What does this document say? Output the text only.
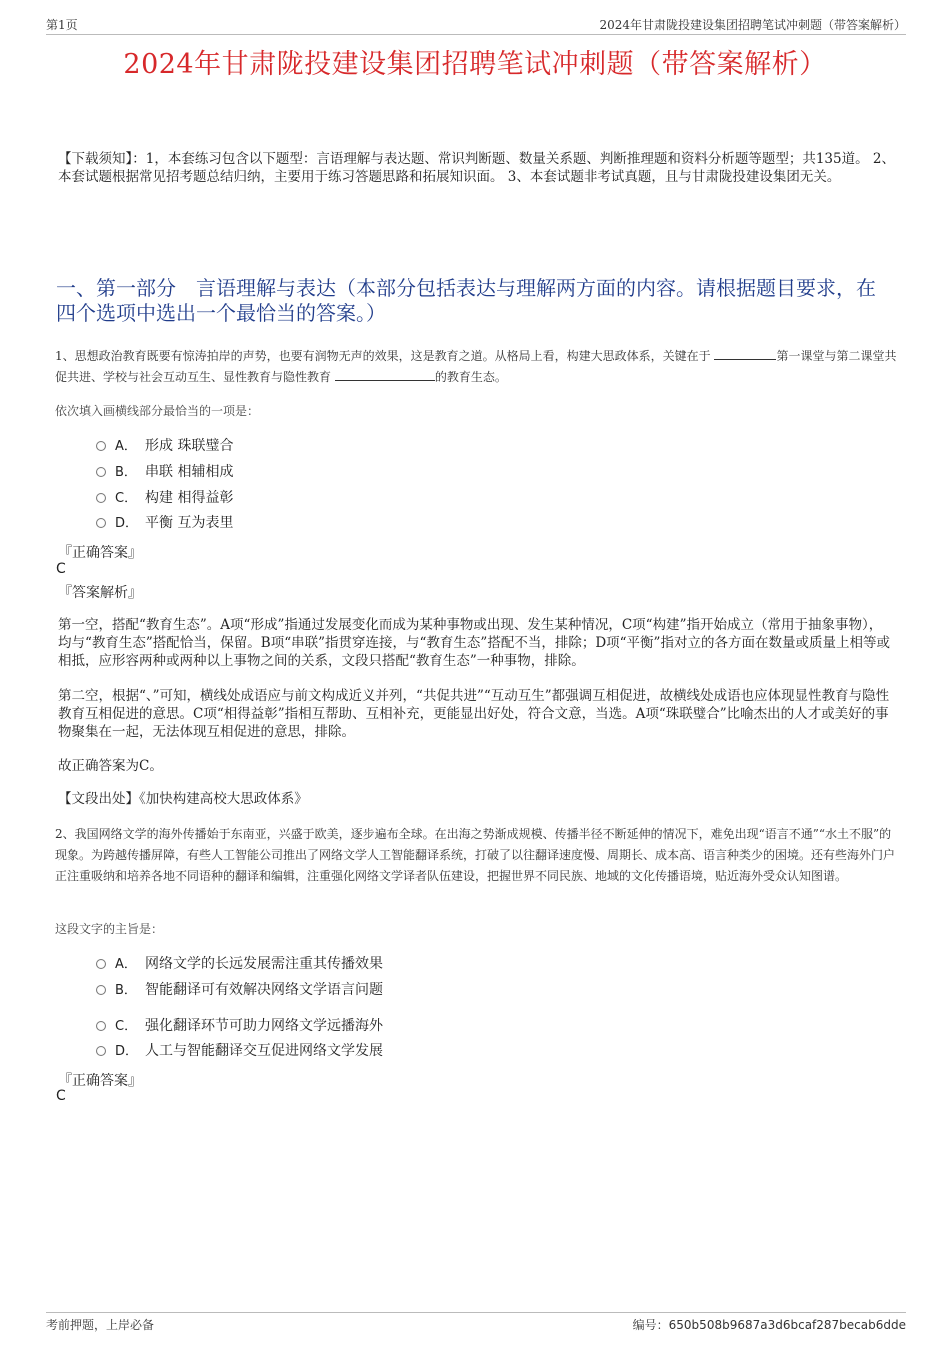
第1页	2024年甘肃陇投建设集团招聘笔试冲刺题（带答案解析）
2024年甘肃陇投建设集团招聘笔试冲刺题（带答案解析）
【下载须知】：1，本套练习包含以下题型：言语理解与表达题、常识判断题、数量关系题、判断推理题和资料分析题等题型；共135道。 2、本套试题根据常见招考题总结归纳，主要用于练习答题思路和拓展知识面。 3、本套试题非考试真题，且与甘肃陇投建设集团无关。
一、第一部分 言语理解与表达（本部分包括表达与理解两方面的内容。请根据题目要求，在四个选项中选出一个最恰当的答案。）
1、思想政治教育既要有惊涛拍岸的声势，也要有润物无声的效果，这是教育之道。从格局上看，构建大思政体系，关键在于	第一课堂与第二课堂共促共进、学校与社会互动互生、显性教育与隐性教育	的教育生态。
依次填入画横线部分最恰当的一项是：
A． 形成 珠联璧合
B． 串联 相辅相成
C． 构建 相得益彰
D． 平衡 互为表里
『正确答案』
C
『答案解析』
第一空，搭配“教育生态”。A项“形成”指通过发展变化而成为某种事物或出现、发生某种情况，C项“构建”指开始成立（常用于抽象事物），均与“教育生态”搭配恰当，保留。B项“串联”指贯穿连接，与“教育生态”搭配不当，排除；D项“平衡”指对立的各方面在数量或质量上相等或相抵，应形容两种或两种以上事物之间的关系，文段只搭配“教育生态”一种事物，排除。
第二空，根据“、”可知，横线处成语应与前文构成近义并列，“共促共进”“互动互生”都强调互相促进，故横线处成语也应体现显性教育与隐性教育互相促进的意思。C项“相得益彰”指相互帮助、互相补充，更能显出好处，符合文意，当选。A项“珠联璧合”比喻杰出的人才或美好的事物聚集在一起，无法体现互相促进的意思，排除。
故正确答案为C。
【文段出处】《加快构建高校大思政体系》
2、我国网络文学的海外传播始于东南亚，兴盛于欧美，逐步遍布全球。在出海之势渐成规模、传播半径不断延伸的情况下，难免出现“语言不通”“水土不服”的现象。为跨越传播屏障，有些人工智能公司推出了网络文学人工智能翻译系统，打破了以往翻译速度慢、周期长、成本高、语言种类少的困境。还有些海外门户正注重吸纳和培养各地不同语种的翻译和编辑，注重强化网络文学译者队伍建设，把握世界不同民族、地域的文化传播语境，贴近海外受众认知图谱。
这段文字的主旨是：
A． 网络文学的长远发展需注重其传播效果
B． 智能翻译可有效解决网络文学语言问题
C． 强化翻译环节可助力网络文学远播海外
D． 人工与智能翻译交互促进网络文学发展
『正确答案』
C
考前押题，上岸必备	编号：650b508b9687a3d6bcaf287becab6dde
